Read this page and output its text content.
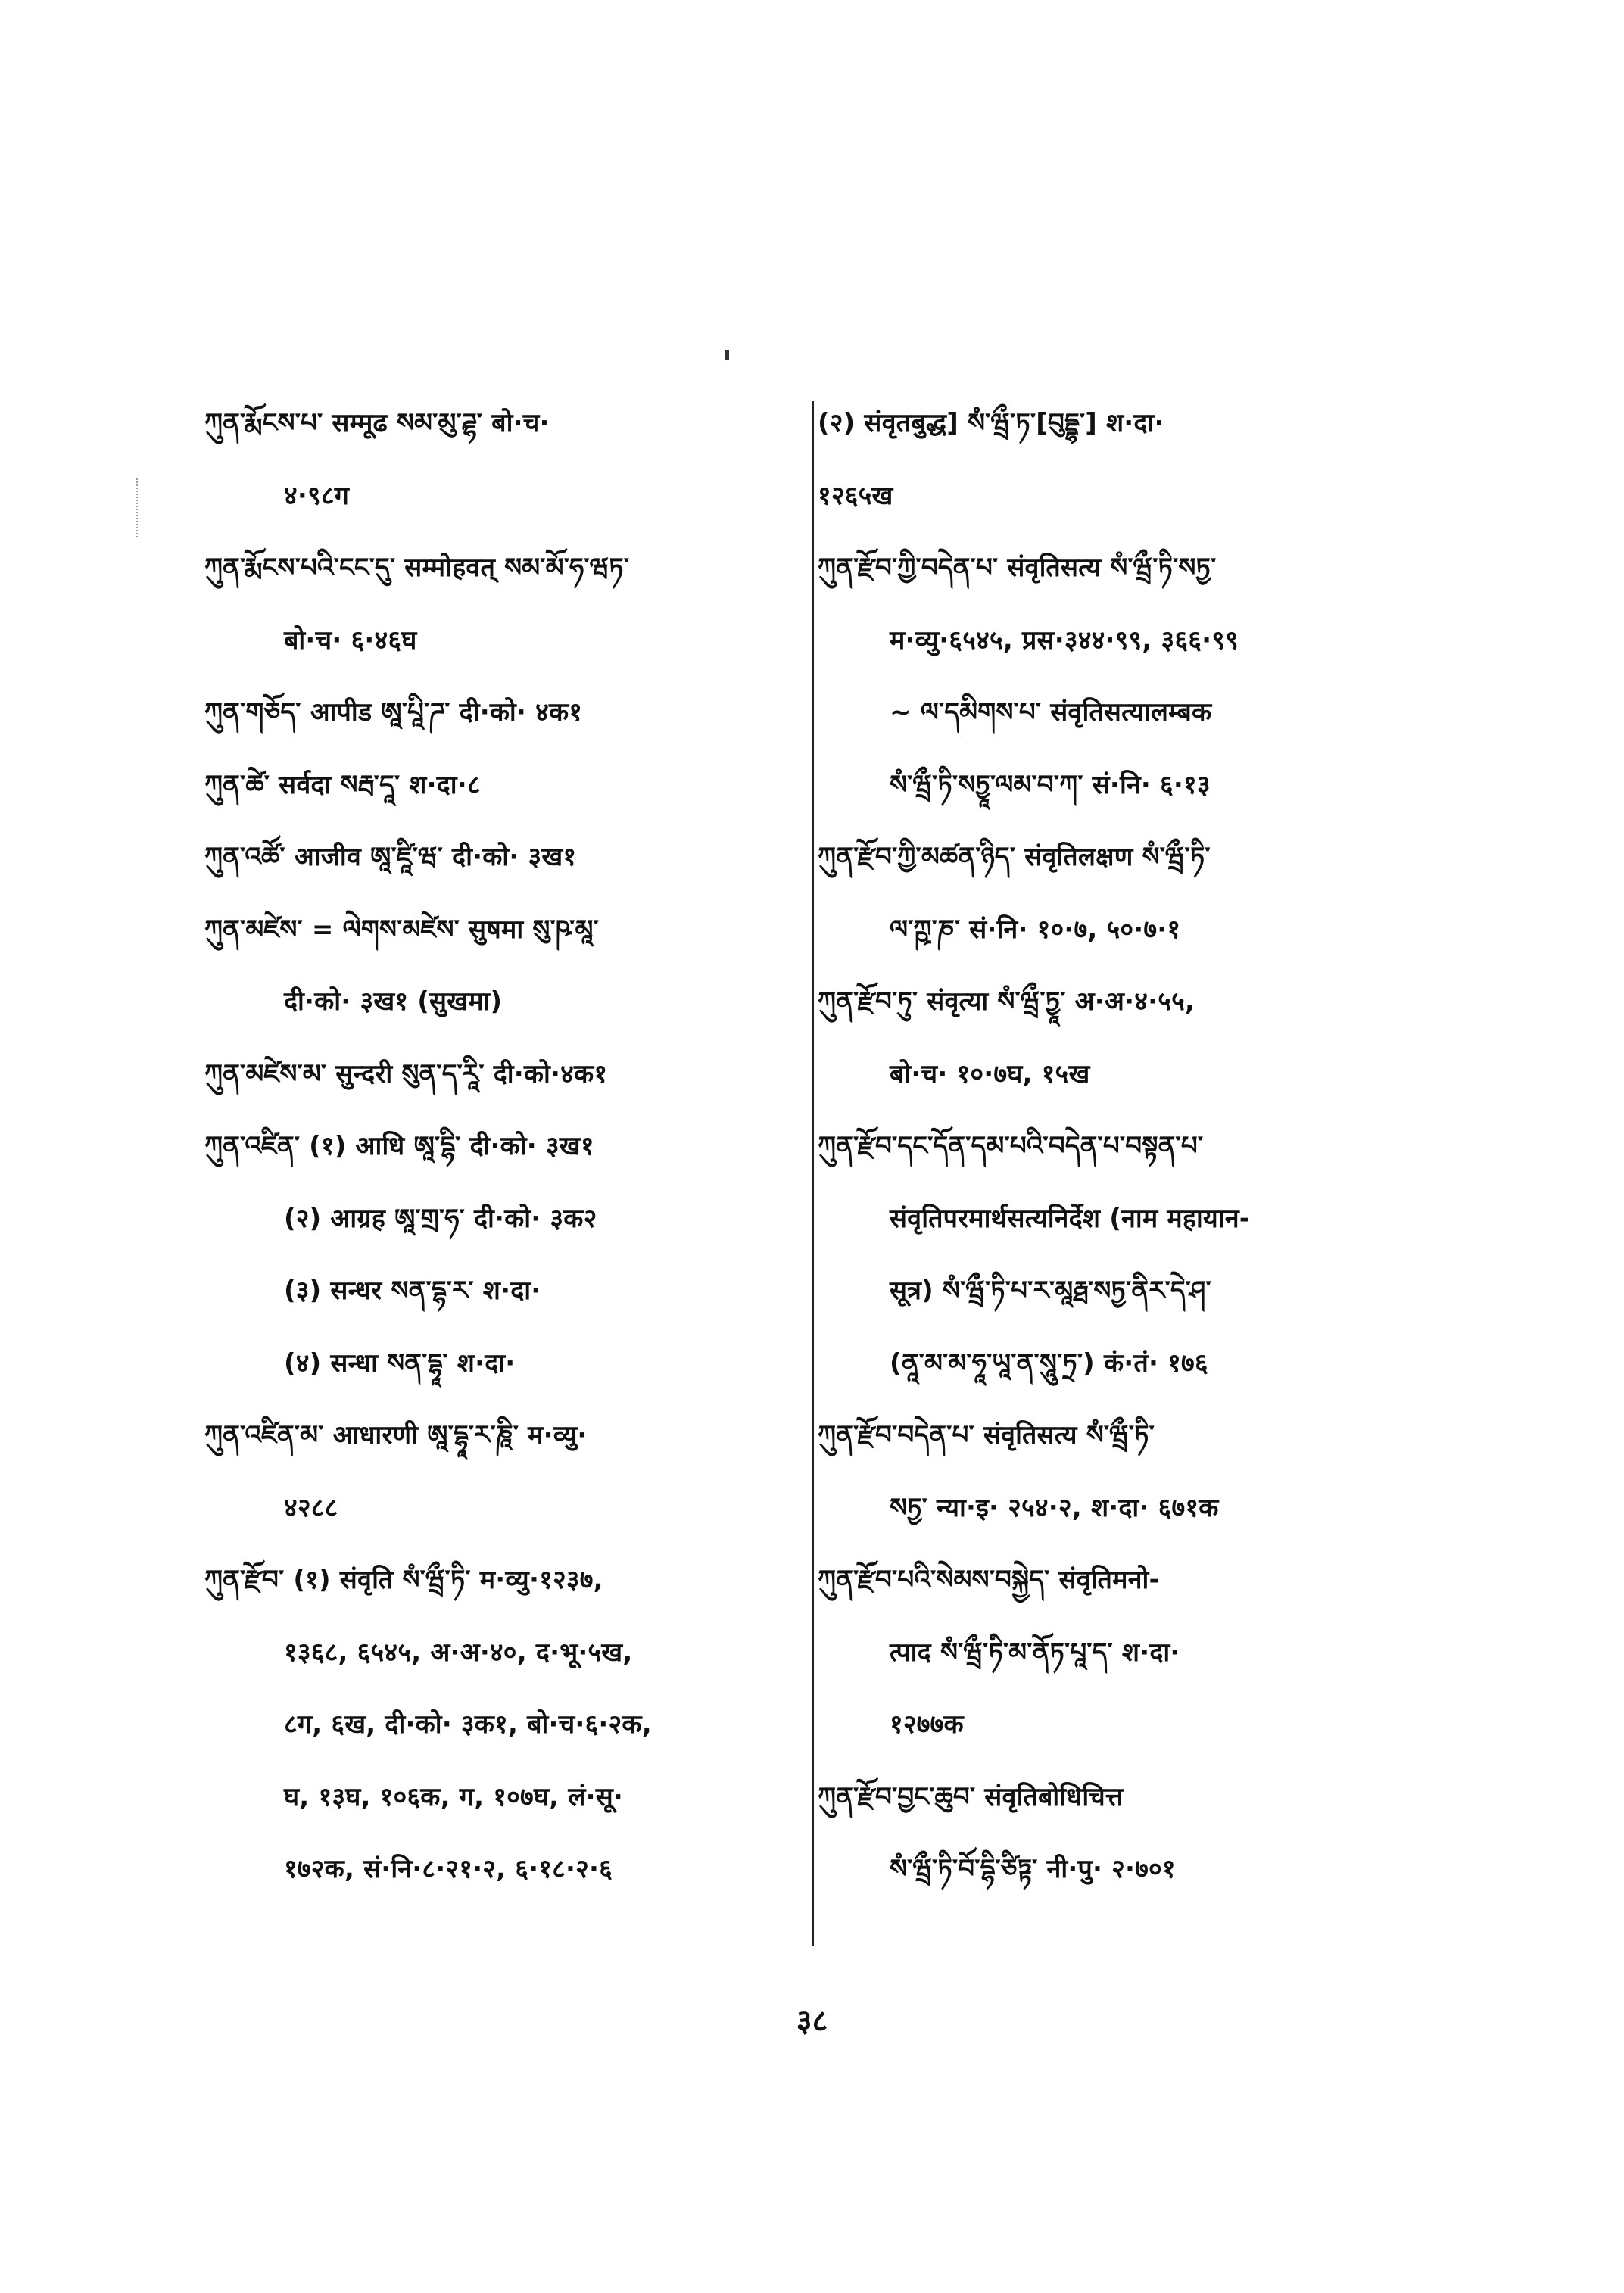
ཀུན་རྨོངས་པ་ सम्मूढ སམ་མུ་ཌྷ་ बो·च·
४·९८ग
ཀུན་རྨོངས་པའི་ངང་དུ་ सम्मोहवत् སམ་མོ་ཧ་ཝཏ་
बो·च· ६·४६घ
ཀུན་གཅོད་ आपीड ཨཱ་པཱི་ཌ་ दी·को· ४क१
ཀུན་ཚེ་ सर्वदा སརྦ་དཱ་ श·दा·८
ཀུན་འཚོ་ आजीव ཨཱ་ཛཱི་ཝ་ दी·को· ३ख१
ཀུན་མཛེས་ = ལེགས་མཛེས་ सुषमा སུ་ཥ་མཱ་
दी·को· ३ख१ (सुखमा)
ཀུན་མཛེས་མ་ सुन्दरी སུན་ད་རཱི་ दी·को·४क१
ཀུན་འཛིན་ (१) आधि ཨཱ་དྷི་ दी·को· ३ख१
(२) आग्रह ཨཱ་གྲ་ཧ་ दी·को· ३क२
(३) सन्धर སན་དྷ་ར་ श·दा·
(४) सन्धा སན་དྷཱ་ श·दा·
ཀུན་འཛིན་མ་ आधारणी ཨཱ་དྷཱ་ར་ཎཱི་ म·व्यु·
४२८८
ཀུན་རྫོབ་ (१) संवृति སཾ་ཝྲྀ་ཏི་ म·व्यु·१२३७,
१३६८, ६५४५, अ·अ·४०, द·भू·५ख,
८ग, ६ख, दी·को· ३क१, बो·च·६·२क,
घ, १३घ, १०६क, ग, १०७घ, लं·सू·
१७२क, सं·नि·८·२१·२, ६·१८·२·६
(२) संवृतबुद्ध] སཾ་ཝྲྀ་ཏ་[བུདྡྷ་] श·दा·
१२६५ख
ཀུན་རྫོབ་ཀྱི་བདེན་པ་ संवृतिसत्य སཾ་ཝྲྀ་ཏི་སཏྱ་
म·व्यु·६५४५, प्रस·३४४·९९, ३६६·९९
~ ལ་དམིགས་པ་ संवृतिसत्यालम्बक
སཾ་ཝྲྀ་ཏི་སཏྱཱ་ལམ་བ་ཀ་ सं·नि· ६·१३
ཀུན་རྫོབ་ཀྱི་མཚན་ཉིད་ संवृतिलक्षण སཾ་ཝྲྀ་ཏི་
ལ་ཀྵ་ཎ་ सं·नि· १०·७, ५०·७·१
ཀུན་རྫོབ་ཏུ་ संवृत्या སཾ་ཝྲྀ་ཏྱཱ་ अ·अ·४·५५,
बो·च· १०·७घ, १५ख
ཀུན་རྫོབ་དང་དོན་དམ་པའི་བདེན་པ་བསྟན་པ་
संवृतिपरमार्थसत्यनिर्देश (नाम महायान-
सूत्र) སཾ་ཝྲྀ་ཏི་པ་ར་མཱརྠ་སཏྱ་ནིར་དེ་ཤ་
(ནཱ་མ་མ་ཧཱ་ཡཱ་ན་སཱུ་ཏྲ་) कं·तं· १७६
ཀུན་རྫོབ་བདེན་པ་ संवृतिसत्य སཾ་ཝྲྀ་ཏི་
སཏྱ་ न्या·इ· २५४·२, श·दा· ६७१क
ཀུན་རྫོབ་པའི་སེམས་བསྐྱེད་ संवृतिमनो-
त्पाद སཾ་ཝྲྀ་ཏི་མ་ནོཏ་པཱ་ད་ श·दा·
१२७७क
ཀུན་རྫོབ་བྱང་ཆུབ་ संवृतिबोधिचित्त
སཾ་ཝྲྀ་ཏི་བོ་དྷི་ཙིཏྟ་ नी·पु· २·७०१
३८
